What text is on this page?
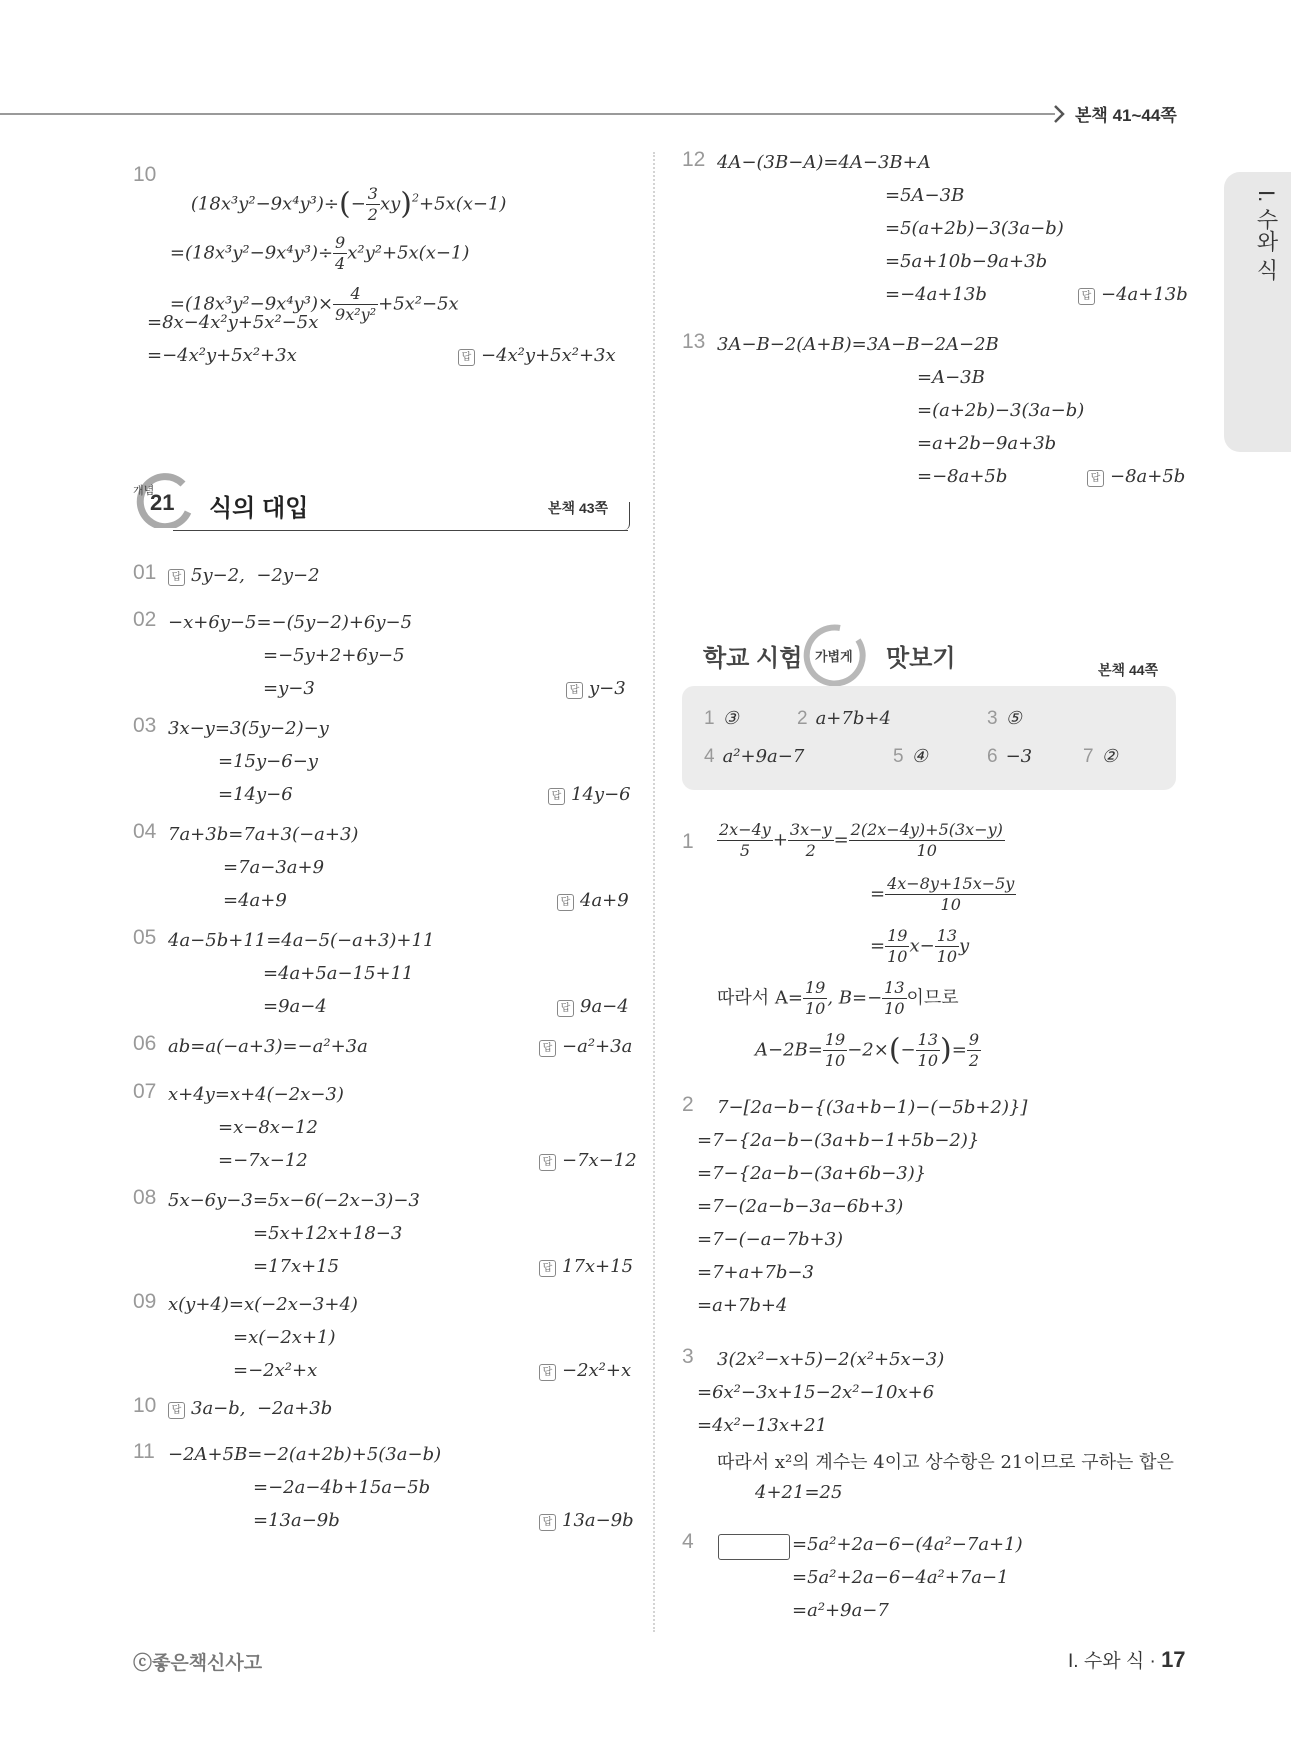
본책 41~44쪽
I. 수와 식
10

$(18x^3y^2-9x^4y^3)\div(- \frac{3}{2} xy)^2+5x(x-1)$

$=(18x^3y^2-9x^4y^3)\div \frac{9}{4} x^2y^2+5x(x-1)$

$=(18x^3y^2-9x^4y^3)\times \frac{4}{\text{9x²y²}} +5x^2-5x$

=8x−4x²y+5x²−5x
=−4x²y+5x²+3x	답 −4x²y+5x²+3x
개념
21 식의 대입	본책 43쪽
01	답 5y−2,  −2y−2
02 −x+6y−5=−(5y−2)+6y−5
=−5y+2+6y−5
=y−3	답 y−3
03 3x−y=3(5y−2)−y
=15y−6−y
=14y−6	답 14y−6
04 7a+3b=7a+3(−a+3)
=7a−3a+9
=4a+9	답 4a+9
05 4a−5b+11=4a−5(−a+3)+11
=4a+5a−15+11
=9a−4	답 9a−4
06 ab=a(−a+3)=−a²+3a	답 −a²+3a
07 x+4y=x+4(−2x−3)
=x−8x−12
=−7x−12	답 −7x−12
08 5x−6y−3=5x−6(−2x−3)−3
=5x+12x+18−3
=17x+15	답 17x+15
09 x(y+4)=x(−2x−3+4)
=x(−2x+1)
=−2x²+x	답 −2x²+x
10	답 3a−b,  −2a+3b
11 −2A+5B=−2(a+2b)+5(3a−b)
=−2a−4b+15a−5b
=13a−9b	답 13a−9b
12 4A−(3B−A)=4A−3B+A
=5A−3B
=5(a+2b)−3(3a−b)
=5a+10b−9a+3b
=−4a+13b	답 −4a+13b
13 3A−B−2(A+B)=3A−B−2A−2B
=A−3B
=(a+2b)−3(3a−b)
=a+2b−9a+3b
=−8a+5b	답 −8a+5b
학교 시험 가볍게 맛보기	본책 44쪽
1 ③	2 a+7b+4	3 ⑤
4 a²+9a−7	5 ④	6 −3	7 ②
$1 \frac{2x-4y}{5} + \frac{3x-y}{2} = \frac{2(2x-4y)+5(3x-y)}{10}$
= $\frac{4x-8y+15x-5y}{10}$
= $\frac{19}{10} x- \frac{13}{10}$ y
따라서 $A= \frac{19}{10}$ , $B=- \frac{13}{10}$ 이므로
$A-2B= \frac{19}{10} -2\times(- \frac{13}{10}$ )= $\frac{9}{2}$
2 7−[2a−b−{(3a+b−1)−(−5b+2)}]
=7−{2a−b−(3a+b−1+5b−2)}
=7−{2a−b−(3a+6b−3)}
=7−(2a−b−3a−6b+3)
=7−(−a−7b+3)
=7+a+7b−3
=a+7b+4
3 3(2x²−x+5)−2(x²+5x−3)
=6x²−3x+15−2x²−10x+6
=4x²−13x+21
따라서 x²의 계수는 4이고 상수항은 21이므로 구하는 합은
4+21=25
4	=5a²+2a−6−(4a²−7a+1)
=5a²+2a−6−4a²+7a−1
=a²+9a−7
ⓒ좋은책신사고	I. 수와 식 · 17
